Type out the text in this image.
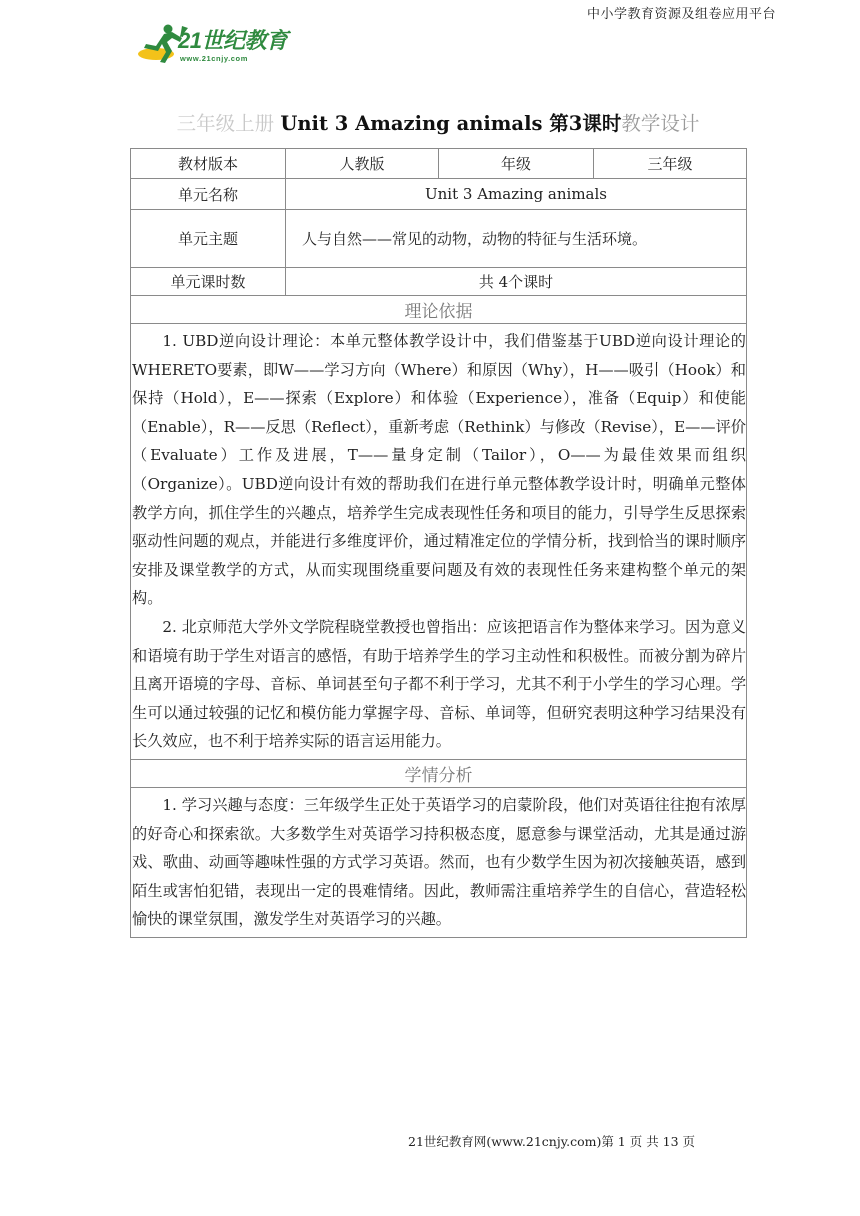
中小学教育资源及组卷应用平台
21世纪教育
www.21cnjy.com
三年级上册 Unit 3 Amazing animals 第3课时教学设计
教材版本	人教版	年级	三年级
单元名称	Unit 3 Amazing animals		
单元主题	人与自然——常见的动物，动物的特征与生活环境。		
单元课时数	共 4个课时		
理论依据			

1. UBD逆向设计理论：本单元整体教学设计中，我们借鉴基于UBD逆向设计理论的WHERETO要素，即W——学习方向（Where）和原因（Why），H——吸引（Hook）和保持（Hold），E——探索（Explore）和体验（Experience），准备（Equip）和使能（Enable），R——反思（Reflect），重新考虑（Rethink）与修改（Revise），E——评价（Evaluate）工作及进展，T——量身定制（Tailor），O——为最佳效果而组织（Organize）。UBD逆向设计有效的帮助我们在进行单元整体教学设计时，明确单元整体教学方向，抓住学生的兴趣点，培养学生完成表现性任务和项目的能力，引导学生反思探索驱动性问题的观点，并能进行多维度评价，通过精准定位的学情分析，找到恰当的课时顺序安排及课堂教学的方式，从而实现围绕重要问题及有效的表现性任务来建构整个单元的架构。

2. 北京师范大学外文学院程晓堂教授也曾指出：应该把语言作为整体来学习。因为意义和语境有助于学生对语言的感悟，有助于培养学生的学习主动性和积极性。而被分割为碎片且离开语境的字母、音标、单词甚至句子都不利于学习，尤其不利于小学生的学习心理。学生可以通过较强的记忆和模仿能力掌握字母、音标、单词等，但研究表明这种学习结果没有长久效应，也不利于培养实际的语言运用能力。			

学情分析			

1. 学习兴趣与态度：三年级学生正处于英语学习的启蒙阶段，他们对英语往往抱有浓厚的好奇心和探索欲。大多数学生对英语学习持积极态度，愿意参与课堂活动，尤其是通过游戏、歌曲、动画等趣味性强的方式学习英语。然而，也有少数学生因为初次接触英语，感到陌生或害怕犯错，表现出一定的畏难情绪。因此，教师需注重培养学生的自信心，营造轻松愉快的课堂氛围，激发学生对英语学习的兴趣。			

21世纪教育网(www.21cnjy.com)第 1 页 共 13 页
